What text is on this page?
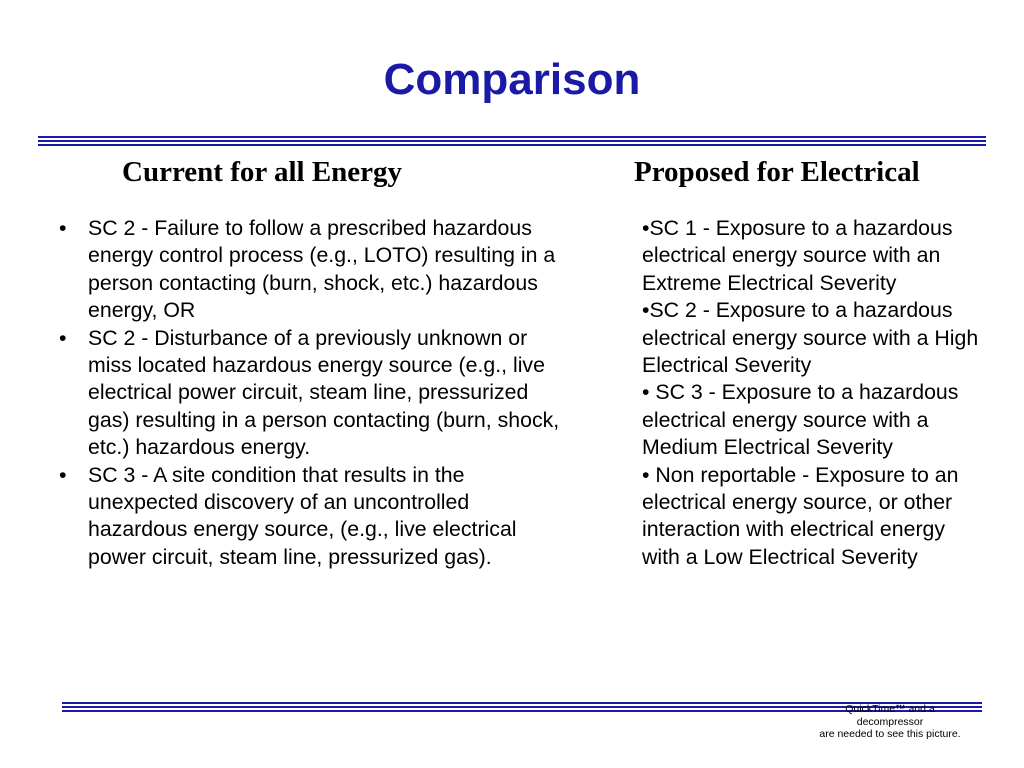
Comparison
Current for all Energy	Proposed for Electrical
• SC 2 - Failure to follow a prescribed hazardous energy control process (e.g., LOTO) resulting in a person contacting (burn, shock, etc.) hazardous energy, OR
• SC 2 - Disturbance of a previously unknown or miss located hazardous energy source (e.g., live electrical power circuit, steam line, pressurized gas) resulting in a person contacting (burn, shock, etc.) hazardous energy.
• SC 3 - A site condition that results in the unexpected discovery of an uncontrolled hazardous energy source, (e.g., live electrical power circuit, steam line, pressurized gas).
•SC 1 - Exposure to a hazardous electrical energy source with an Extreme Electrical Severity
•SC 2 - Exposure to a hazardous electrical energy source with a High Electrical Severity
• SC 3 - Exposure to a hazardous electrical energy source with a Medium Electrical Severity
• Non reportable - Exposure to an electrical energy source, or other interaction with electrical energy with a Low Electrical Severity
QuickTime™ and a
decompressor
are needed to see this picture.
